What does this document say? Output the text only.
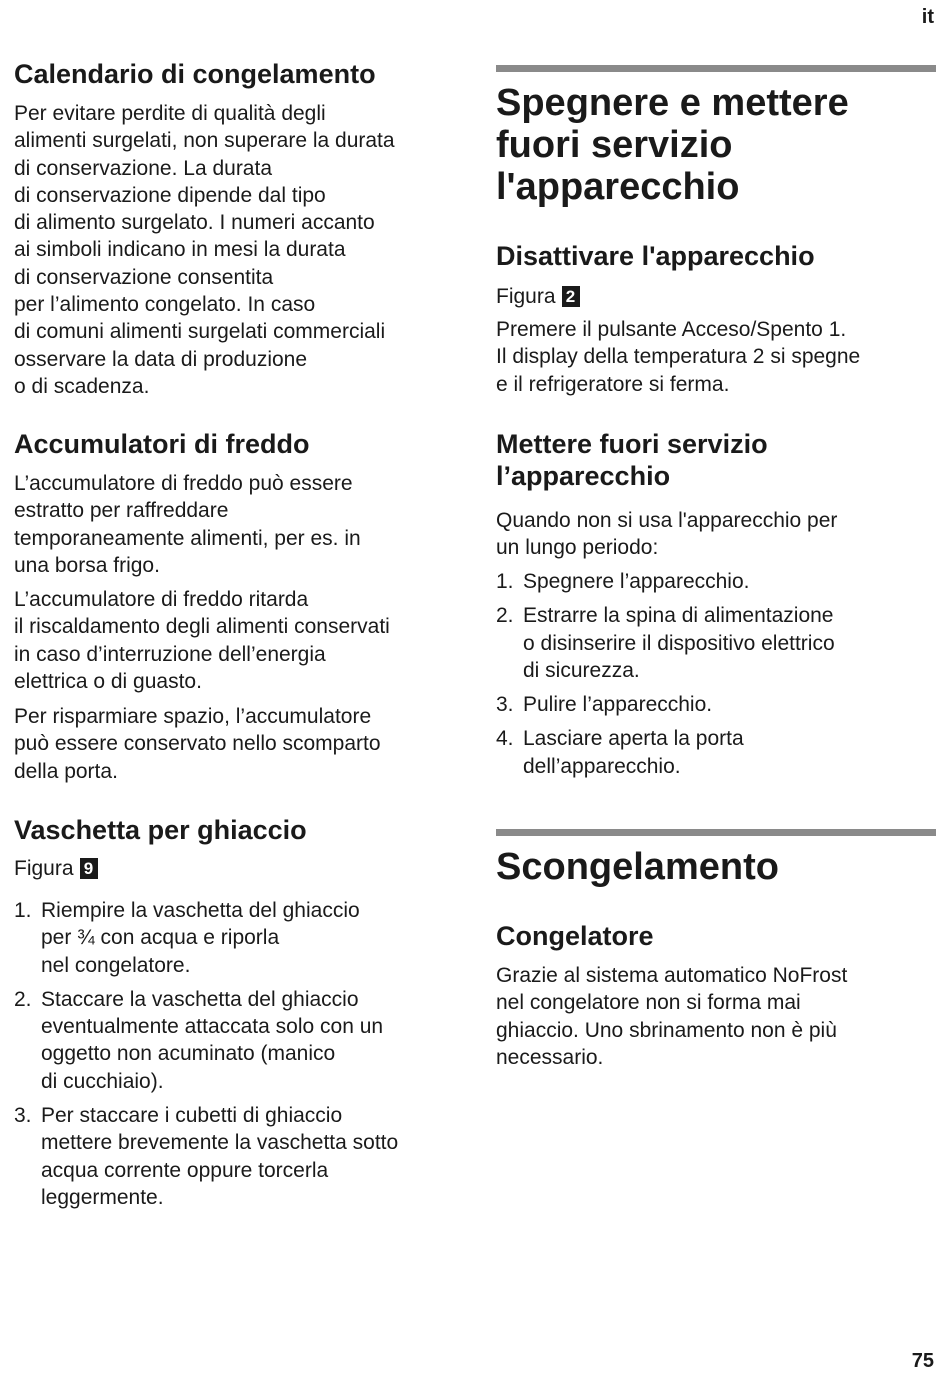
it
Calendario di congelamento
Per evitare perdite di qualità degli
alimenti surgelati, non superare la durata
di conservazione. La durata
di conservazione dipende dal tipo
di alimento surgelato. I numeri accanto
ai simboli indicano in mesi la durata
di conservazione consentita
per l’alimento congelato. In caso
di comuni alimenti surgelati commerciali
osservare la data di produzione
o di scadenza.
Accumulatori di freddo
L’accumulatore di freddo può essere
estratto per raffreddare
temporaneamente alimenti, per es. in
una borsa frigo.
L’accumulatore di freddo ritarda
il riscaldamento degli alimenti conservati
in caso d’interruzione dell’energia
elettrica o di guasto.
Per risparmiare spazio, l’accumulatore
può essere conservato nello scomparto
della porta.
Vaschetta per ghiaccio
Figura 9
1. Riempire la vaschetta del ghiaccio
per ¾ con acqua e riporla
nel congelatore.
2. Staccare la vaschetta del ghiaccio
eventualmente attaccata solo con un
oggetto non acuminato (manico
di cucchiaio).
3. Per staccare i cubetti di ghiaccio
mettere brevemente la vaschetta sotto
acqua corrente oppure torcerla
leggermente.
Spegnere e mettere
fuori servizio
l'apparecchio
Disattivare l'apparecchio
Figura 2
Premere il pulsante Acceso/Spento 1.
Il display della temperatura 2 si spegne
e il refrigeratore si ferma.
Mettere fuori servizio
l’apparecchio
Quando non si usa l'apparecchio per
un lungo periodo:
1. Spegnere l’apparecchio.
2. Estrarre la spina di alimentazione
o disinserire il dispositivo elettrico
di sicurezza.
3. Pulire l’apparecchio.
4. Lasciare aperta la porta
dell’apparecchio.
Scongelamento
Congelatore
Grazie al sistema automatico NoFrost
nel congelatore non si forma mai
ghiaccio. Uno sbrinamento non è più
necessario.
75
